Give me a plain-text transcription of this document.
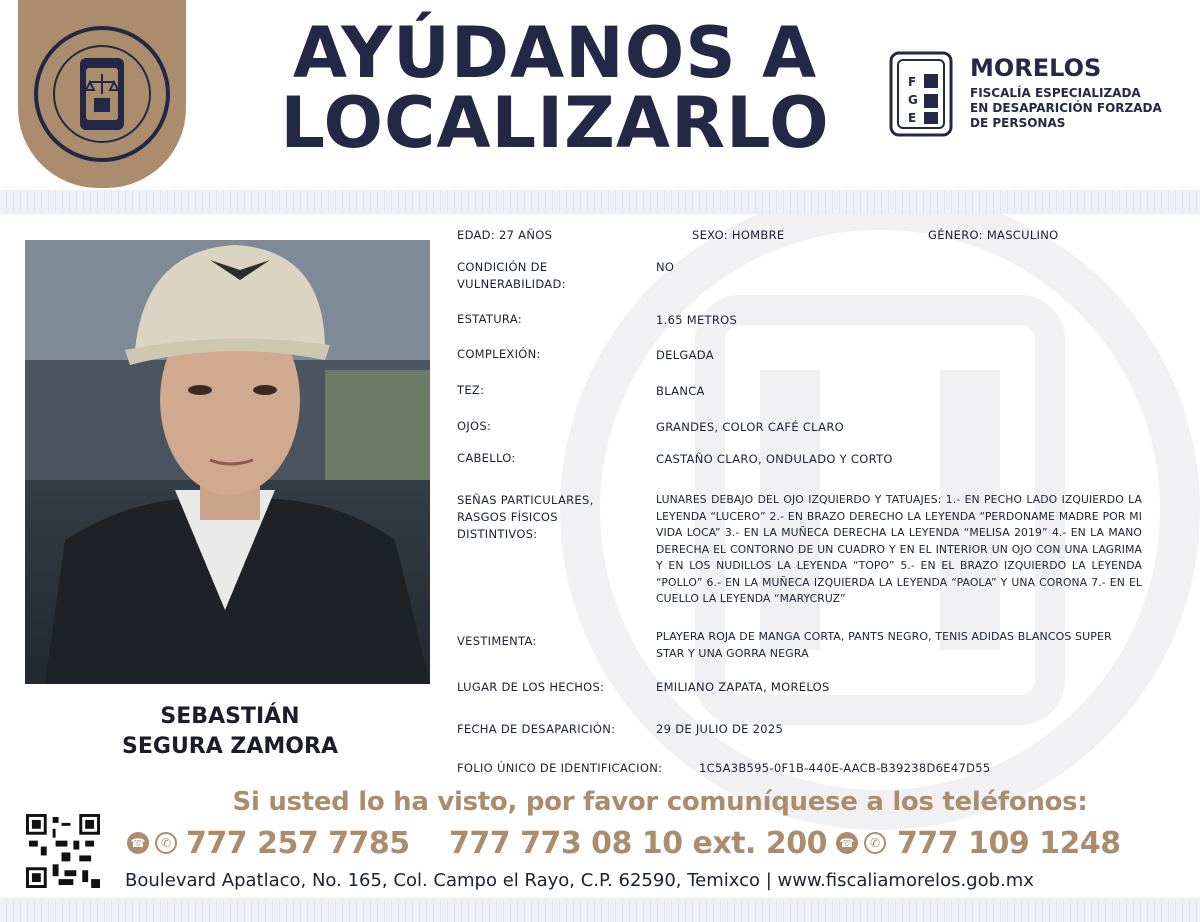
AYÚDANOS A
LOCALIZARLO	F
G
E
MORELOS
FISCALÍA ESPECIALIZADA
EN DESAPARICIÓN FORZADA
DE PERSONAS
SEBASTIÁN
SEGURA ZAMORA
EDAD: 27 AÑOS	SEXO: HOMBRE	GÉNERO: MASCULINO
CONDICIÓN DE
VULNERABILIDAD:
NO
ESTATURA:	1.65 METROS
COMPLEXIÓN:	DELGADA
TEZ:	BLANCA
OJOS:	GRANDES, COLOR CAFÉ CLARO
CABELLO:	CASTAÑO CLARO, ONDULADO Y CORTO
SEÑAS PARTICULARES,
RASGOS FÍSICOS
DISTINTIVOS:
LUNARES DEBAJO DEL OJO IZQUIERDO Y TATUAJES: 1.- EN PECHO LADO IZQUIERDO LA LEYENDA “LUCERO” 2.- EN BRAZO DERECHO LA LEYENDA “PERDONAME MADRE POR MI VIDA LOCA” 3.- EN LA MUÑECA DERECHA LA LEYENDA “MELISA 2019” 4.- EN LA MANO DERECHA EL CONTORNO DE UN CUADRO Y EN EL INTERIOR UN OJO CON UNA LAGRIMA Y EN LOS NUDILLOS LA LEYENDA “TOPO” 5.- EN EL BRAZO IZQUIERDO LA LEYENDA “POLLO” 6.- EN LA MUÑECA IZQUIERDA LA LEYENDA “PAOLA” Y UNA CORONA 7.- EN EL CUELLO LA LEYENDA “MARYCRUZ”
VESTIMENTA:	PLAYERA ROJA DE MANGA CORTA, PANTS NEGRO, TENIS ADIDAS BLANCOS SUPER STAR Y UNA GORRA NEGRA
LUGAR DE LOS HECHOS:	EMILIANO ZAPATA, MORELOS
FECHA DE DESAPARICIÓN:	29 DE JULIO DE 2025
FOLIO ÚNICO DE IDENTIFICACION:	1C5A3B595-0F1B-440E-AACB-B39238D6E47D55
Si usted lo ha visto, por favor comuníquese a los teléfonos:
☎	✆ 777 257 7785 777 773 08 10 ext. 200 ☎	✆ 777 109 1248
Boulevard Apatlaco, No. 165, Col. Campo el Rayo, C.P. 62590, Temixco | www.fiscaliamorelos.gob.mx
